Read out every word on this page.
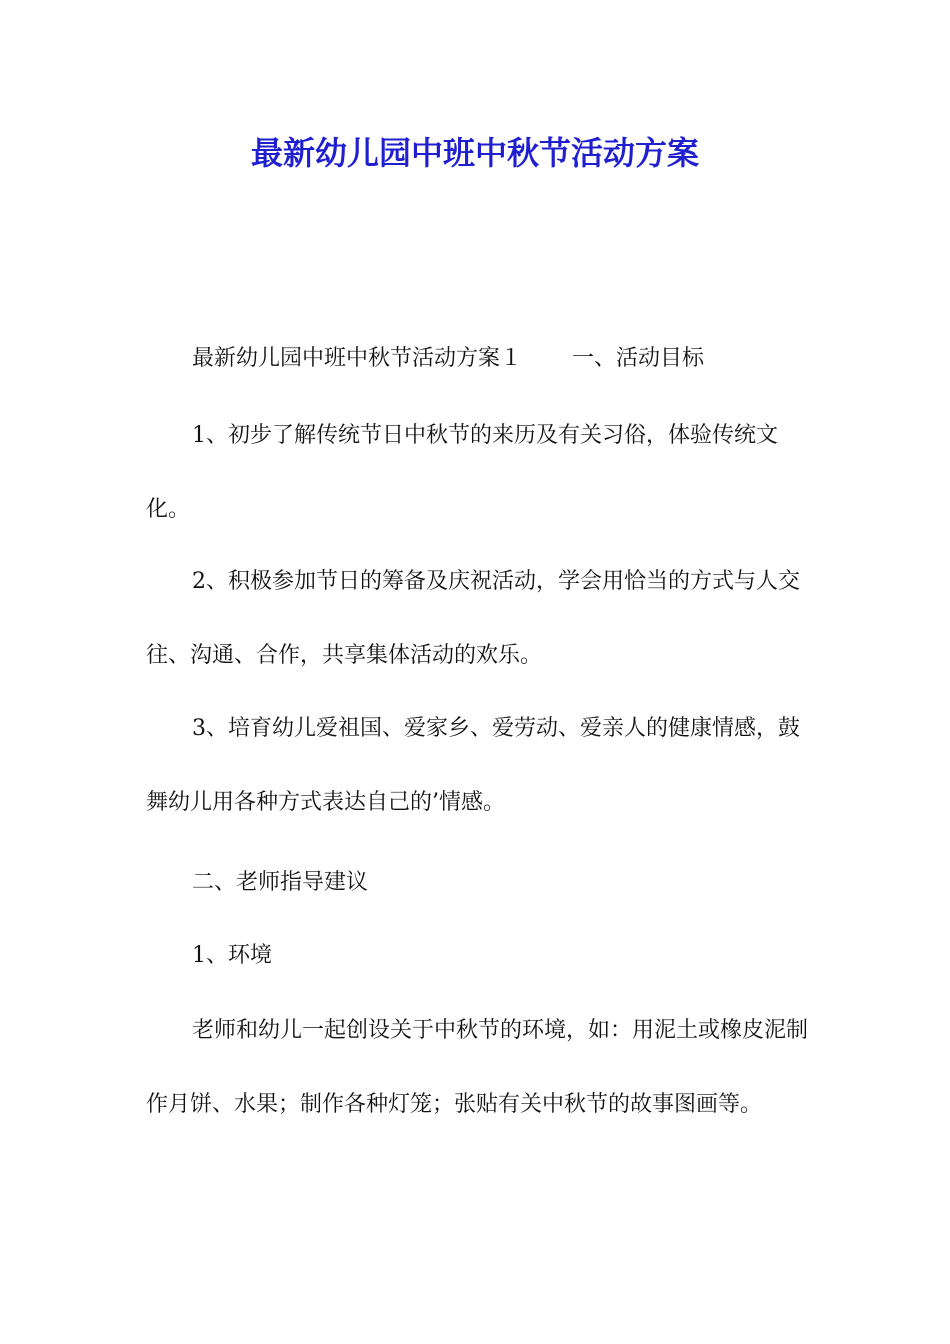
最新幼儿园中班中秋节活动方案

最新幼儿园中班中秋节活动方案１ 一、活动目标

1、初步了解传统节日中秋节的来历及有关习俗，体验传统文化。

2、积极参加节日的筹备及庆祝活动，学会用恰当的方式与人交往、沟通、合作，共享集体活动的欢乐。

3、培育幼儿爱祖国、爱家乡、爱劳动、爱亲人的健康情感，鼓舞幼儿用各种方式表达自己的’情感。

二、老师指导建议

1、环境

老师和幼儿一起创设关于中秋节的环境，如：用泥土或橡皮泥制作月饼、水果；制作各种灯笼；张贴有关中秋节的故事图画等。
